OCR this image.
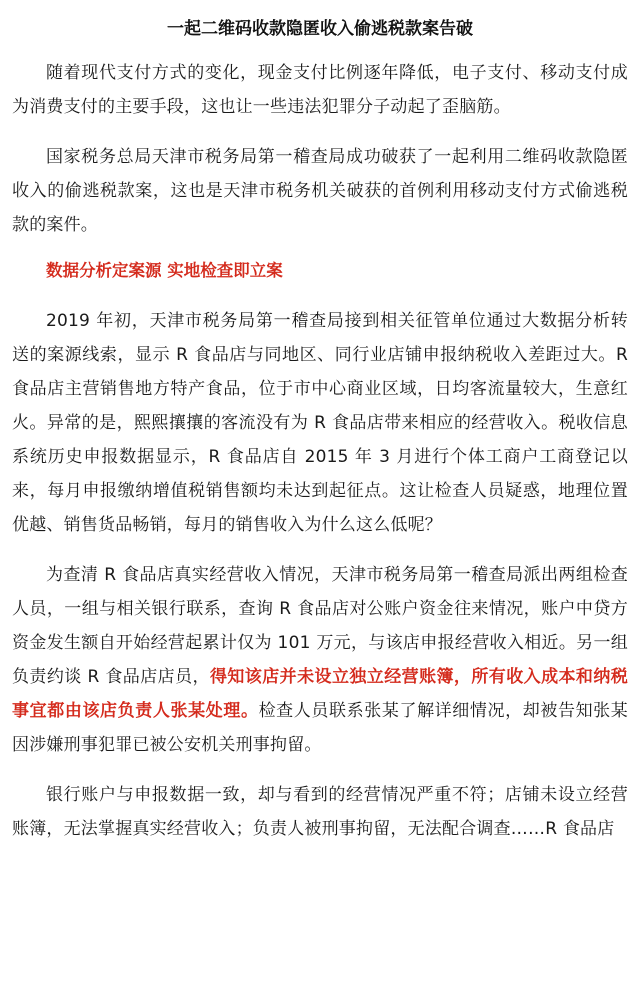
一起二维码收款隐匿收入偷逃税款案告破

随着现代支付方式的变化，现金支付比例逐年降低，电子支付、移动支付成为消费支付的主要手段，这也让一些违法犯罪分子动起了歪脑筋。

国家税务总局天津市税务局第一稽查局成功破获了一起利用二维码收款隐匿收入的偷逃税款案，这也是天津市税务机关破获的首例利用移动支付方式偷逃税款的案件。

数据分析定案源 实地检查即立案

2019 年初，天津市税务局第一稽查局接到相关征管单位通过大数据分析转送的案源线索，显示 R 食品店与同地区、同行业店铺申报纳税收入差距过大。R 食品店主营销售地方特产食品，位于市中心商业区域，日均客流量较大，生意红火。异常的是，熙熙攘攘的客流没有为 R 食品店带来相应的经营收入。税收信息系统历史申报数据显示，R 食品店自 2015 年 3 月进行个体工商户工商登记以来，每月申报缴纳增值税销售额均未达到起征点。这让检查人员疑惑，地理位置优越、销售货品畅销，每月的销售收入为什么这么低呢？

为查清 R 食品店真实经营收入情况，天津市税务局第一稽查局派出两组检查人员，一组与相关银行联系，查询 R 食品店对公账户资金往来情况，账户中贷方资金发生额自开始经营起累计仅为 101 万元，与该店申报经营收入相近。另一组负责约谈 R 食品店店员，得知该店并未设立独立经营账簿，所有收入成本和纳税事宜都由该店负责人张某处理。检查人员联系张某了解详细情况，却被告知张某因涉嫌刑事犯罪已被公安机关刑事拘留。

银行账户与申报数据一致，却与看到的经营情况严重不符；店铺未设立经营账簿，无法掌握真实经营收入；负责人被刑事拘留，无法配合调查……R 食品店
